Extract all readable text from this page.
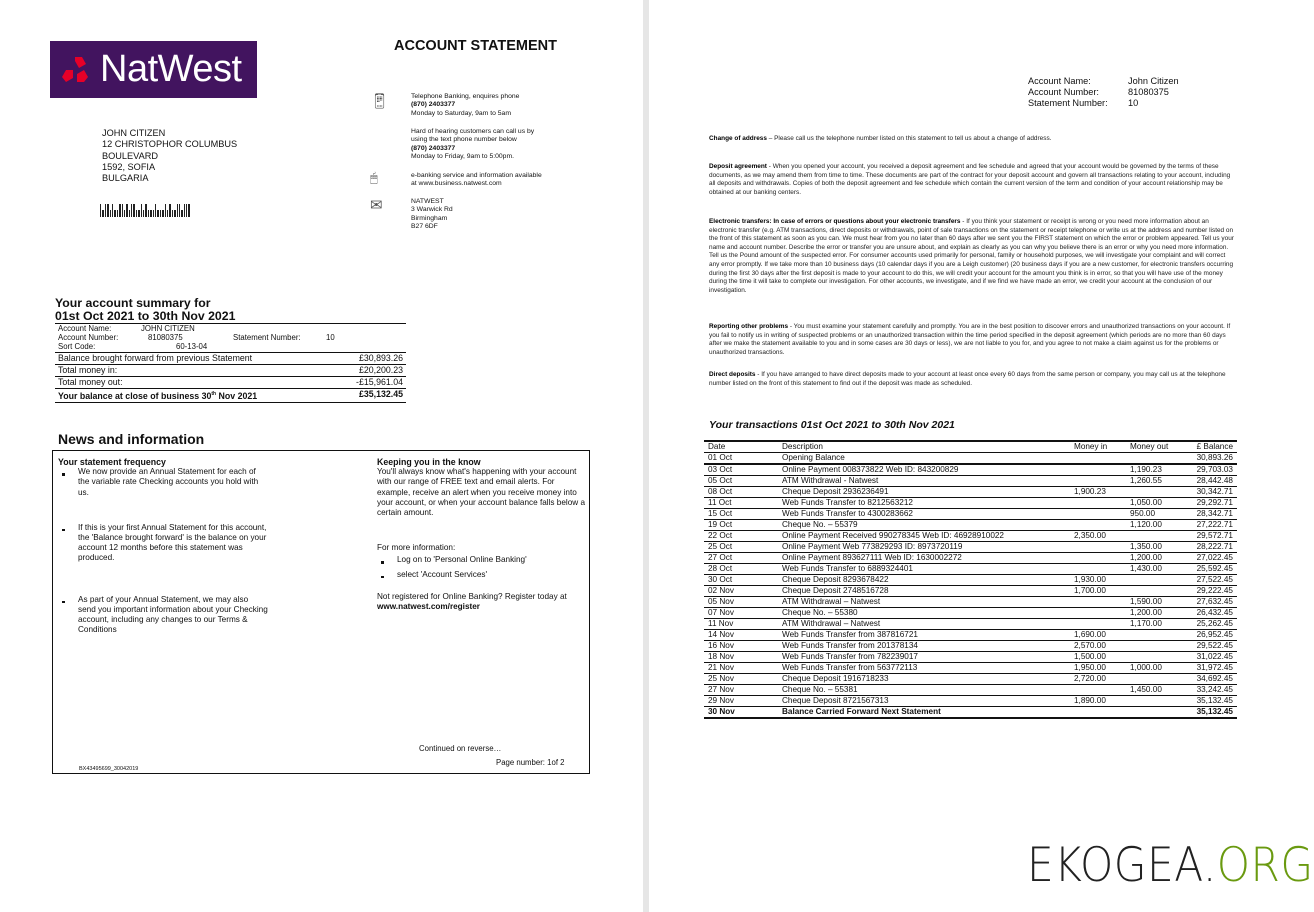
NatWest
ACCOUNT STATEMENT
JOHN CITIZEN
12 CHRISTOPHOR COLUMBUS
BOULEVARD
1592, SOFIA
BULGARIA
📱︎	Telephone Banking, enquires phone
(870) 2403377
Monday to Saturday, 9am to 5am
Hard of hearing customers can call us by
using the text phone number below
(870) 2403377
Monday to Friday, 9am to 5:00pm.
🖱︎	e-banking service and information available
at www.business.natwest.com
✉︎	NATWEST
3 Warwick Rd
Birmingham
B27 6DF
Your account summary for
01st Oct 2021 to 30th Nov 2021
Account Name:	JOHN CITIZEN
Account Number:	81080375	Statement Number:	10
Sort Code:	60-13-04
Balance brought forward from previous Statement	£30,893.26
Total money in:	£20,200.23
Total money out:	-£15,961.04
Your balance at close of business 30th Nov 2021	£35,132.45
News and information
Your statement frequency
We now provide an Annual Statement for each of the variable rate Checking accounts you hold with us.
If this is your first Annual Statement for this account, the 'Balance brought forward' is the balance on your account 12 months before this statement was produced.
As part of your Annual Statement, we may also send you important information about your Checking account, including any changes to our Terms & Conditions
Keeping you in the know
You'll always know what's happening with your account with our range of FREE text and email alerts. For example, receive an alert when you receive money into your account, or when your account balance falls below a certain amount.
For more information:
Log on to 'Personal Online Banking'
select 'Account Services'
Not registered for Online Banking? Register today at www.natwest.com/register
Continued on reverse…
Page number: 1of 2
BX43495699_30042019
Account Name:	John Citizen
Account Number:	81080375
Statement Number:	10
Change of address – Please call us the telephone number listed on this statement to tell us about a change of address.
Deposit agreement - When you opened your account, you received a deposit agreement and fee schedule and agreed that your account would be governed by the terms of these documents, as we may amend them from time to time. These documents are part of the contract for your deposit account and govern all transactions relating to your account, including all deposits and withdrawals. Copies of both the deposit agreement and fee schedule which contain the current version of the term and condition of your account relationship may be obtained at our banking centers.
Electronic transfers: In case of errors or questions about your electronic transfers - If you think your statement or receipt is wrong or you need more information about an electronic transfer (e.g. ATM transactions, direct deposits or withdrawals, point of sale transactions on the statement or receipt telephone or write us at the address and number listed on the front of this statement as soon as you can. We must hear from you no later than 60 days after we sent you the FIRST statement on which the error or problem appeared. Tell us your name and account number. Describe the error or transfer you are unsure about, and explain as clearly as you can why you believe there is an error or why you need more information. Tell us the Pound amount of the suspected error. For consumer accounts used primarily for personal, family or household purposes, we will investigate your complaint and will correct any error promptly. If we take more than 10 business days (10 calendar days if you are a Leigh customer) (20 business days if you are a new customer, for electronic transfers occurring during the first 30 days after the first deposit is made to your account to do this, we will credit your account for the amount you think is in error, so that you will have use of the money during the time it will take to complete our investigation. For other accounts, we investigate, and if we find we have made an error, we credit your account at the conclusion of our investigation.
Reporting other problems - You must examine your statement carefully and promptly. You are in the best position to discover errors and unauthorized transactions on your account. If you fail to notify us in writing of suspected problems or an unauthorized transaction within the time period specified in the deposit agreement (which periods are no more than 60 days after we make the statement available to you and in some cases are 30 days or less), we are not liable to you for, and you agree to not make a claim against us for the problems or unauthorized transactions.
Direct deposits - If you have arranged to have direct deposits made to your account at least once every 60 days from the same person or company, you may call us at the telephone number listed on the front of this statement to find out if the deposit was made as scheduled.
Your transactions 01st Oct 2021 to 30th Nov 2021
Date	Description	Money in	Money out	£ Balance
01 Oct	Opening Balance			30,893.26
03 Oct	Online Payment 008373822 Web ID: 843200829		1,190.23	29,703.03
05 Oct	ATM Withdrawal - Natwest		1,260.55	28,442.48
08 Oct	Cheque Deposit 2936236491	1,900.23		30,342.71
11 Oct	Web Funds Transfer to 8212563212		1,050.00	29,292.71
15 Oct	Web Funds Transfer to 4300283662		950.00	28,342.71
19 Oct	Cheque No. – 55379		1,120.00	27,222.71
22 Oct	Online Payment Received 990278345 Web ID: 46928910022	2,350.00		29,572.71
25 Oct	Online Payment Web 773829293 ID: 8973720119		1,350.00	28,222.71
27 Oct	Online Payment 893627111 Web ID: 1630002272		1,200.00	27,022.45
28 Oct	Web Funds Transfer to 6889324401		1,430.00	25,592.45
30 Oct	Cheque Deposit 8293678422	1,930.00		27,522.45
02 Nov	Cheque Deposit 2748516728	1,700.00		29,222.45
05 Nov	ATM Withdrawal – Natwest		1,590.00	27,632.45
07 Nov	Cheque No. – 55380		1,200.00	26,432.45
11 Nov	ATM Withdrawal – Natwest		1,170.00	25,262.45
14 Nov	Web Funds Transfer from 387816721	1,690.00		26,952.45
16 Nov	Web Funds Transfer from 201378134	2,570.00		29,522.45
18 Nov	Web Funds Transfer from 782239017	1,500.00		31,022.45
21 Nov	Web Funds Transfer from 563772113	1,950.00	1,000.00	31,972.45
25 Nov	Cheque Deposit 1916718233	2,720.00		34,692.45
27 Nov	Cheque No. – 55381		1,450.00	33,242.45
29 Nov	Cheque Deposit 8721567313	1,890.00		35,132.45
30 Nov	Balance Carried Forward Next Statement			35,132.45
EKOGEA.ORG
